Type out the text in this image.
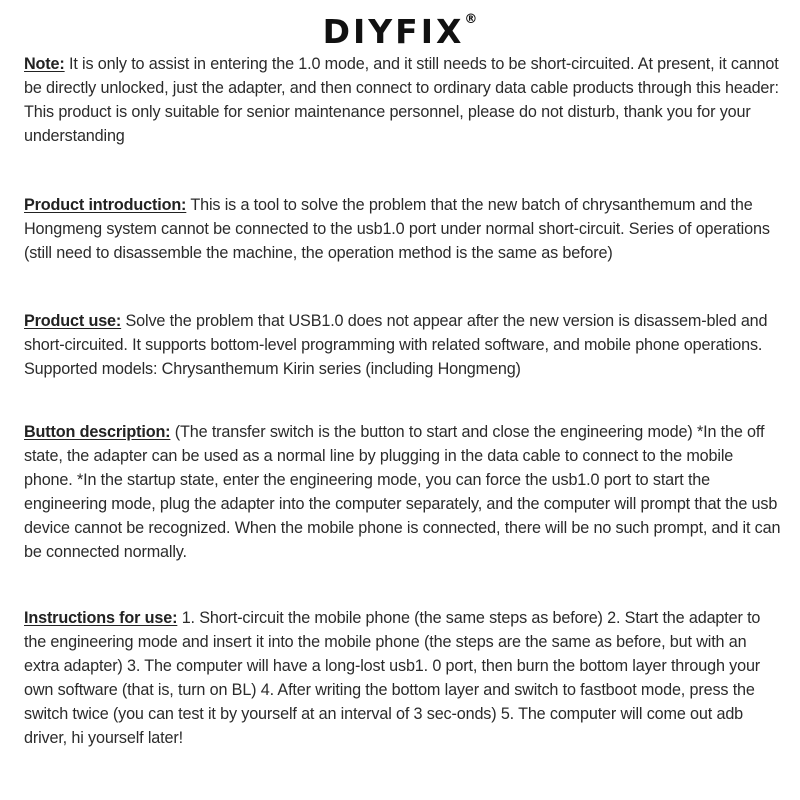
DIYFIX®
Note: It is only to assist in entering the 1.0 mode, and it still needs to be short-circuited. At present, it cannot be directly unlocked, just the adapter, and then connect to ordinary data cable products through this header: This product is only suitable for senior maintenance personnel, please do not disturb, thank you for your understanding
Product introduction: This is a tool to solve the problem that the new batch of chrysanthemum and the Hongmeng system cannot be connected to the usb1.0 port under normal short-circuit. Series of operations (still need to disassemble the machine, the operation method is the same as before)
Product use: Solve the problem that USB1.0 does not appear after the new version is disassem-bled and short-circuited. It supports bottom-level programming with related software, and mobile phone operations. Supported models: Chrysanthemum Kirin series (including Hongmeng)
Button description: (The transfer switch is the button to start and close the engineering mode) *In the off state, the adapter can be used as a normal line by plugging in the data cable to connect to the mobile phone. *In the startup state, enter the engineering mode, you can force the usb1.0 port to start the engineering mode, plug the adapter into the computer separately, and the computer will prompt that the usb device cannot be recognized. When the mobile phone is connected, there will be no such prompt, and it can be connected normally.
Instructions for use: 1. Short-circuit the mobile phone (the same steps as before) 2. Start the adapter to the engineering mode and insert it into the mobile phone (the steps are the same as before, but with an extra adapter) 3. The computer will have a long-lost usb1. 0 port, then burn the bottom layer through your own software (that is, turn on BL) 4. After writing the bottom layer and switch to fastboot mode, press the switch twice (you can test it by yourself at an interval of 3 sec-onds) 5. The computer will come out adb driver, hi yourself later!
